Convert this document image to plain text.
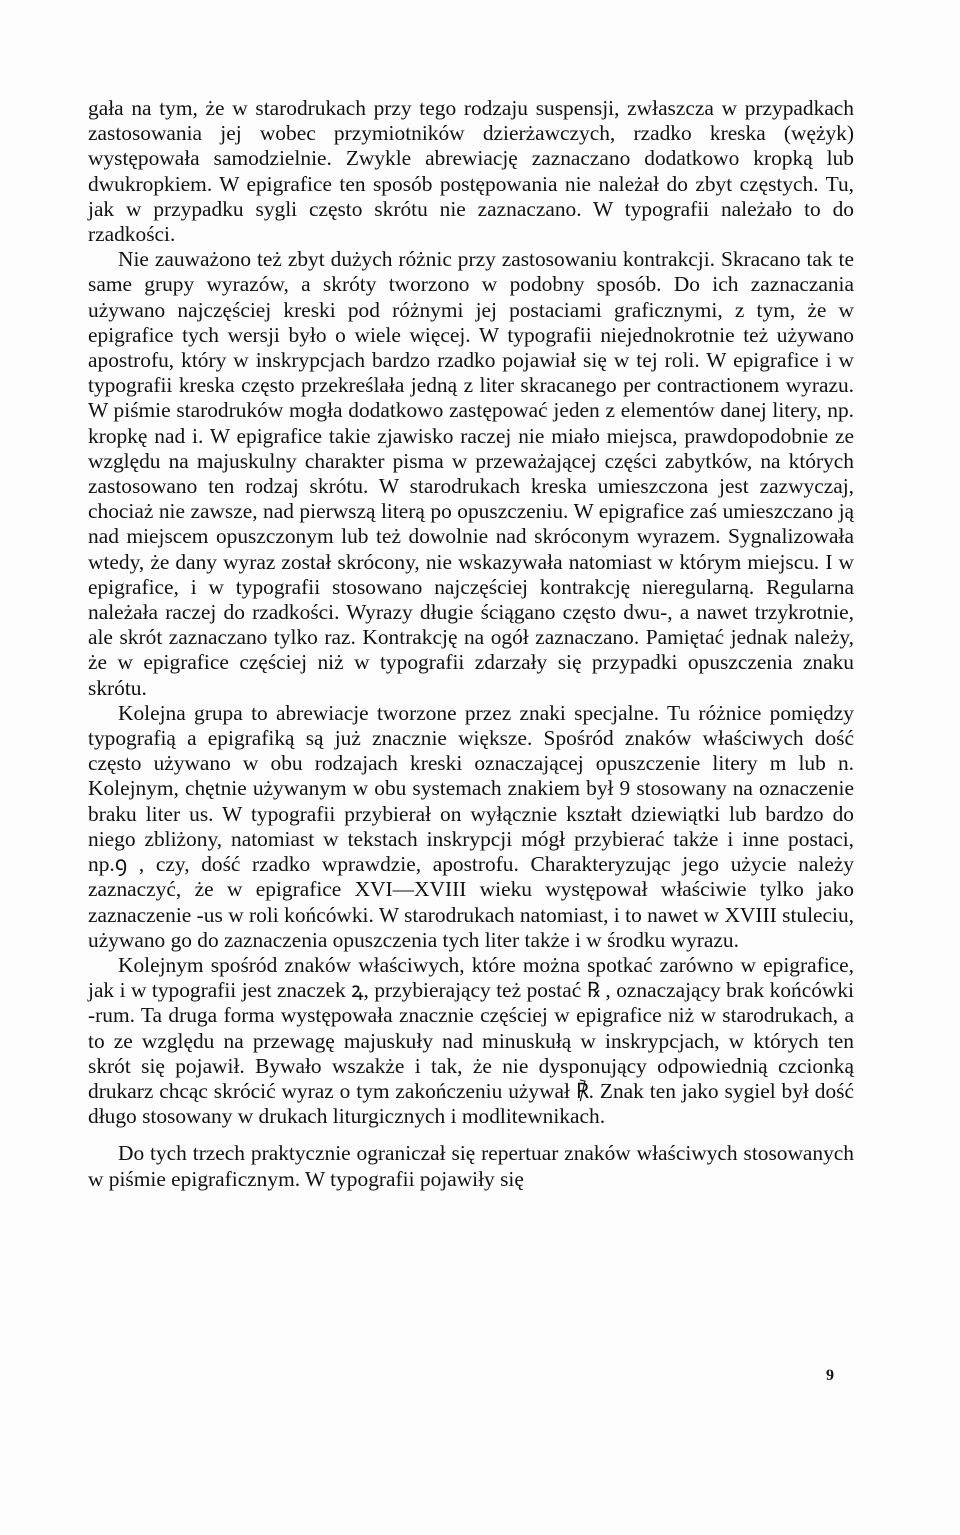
gała na tym, że w starodrukach przy tego rodzaju suspensji, zwłaszcza w przypadkach zastosowania jej wobec przymiotników dzierżawczych, rzadko kreska (wężyk) występowała samodzielnie. Zwykle abrewiację zaznaczano dodatkowo kropką lub dwukropkiem. W epigrafice ten sposób postępowania nie należał do zbyt częstych. Tu, jak w przypadku sygli często skrótu nie zaznaczano. W typografii należało to do rzadkości.

Nie zauważono też zbyt dużych różnic przy zastosowaniu kontrakcji. Skracano tak te same grupy wyrazów, a skróty tworzono w podobny sposób. Do ich zaznaczania używano najczęściej kreski pod różnymi jej postaciami graficznymi, z tym, że w epigrafice tych wersji było o wiele więcej. W typografii niejednokrotnie też używano apostrofu, który w inskrypcjach bardzo rzadko pojawiał się w tej roli. W epigrafice i w typografii kreska często przekreślała jedną z liter skracanego per contractionem wyrazu. W piśmie starodruków mogła dodatkowo zastępować jeden z elementów danej litery, np. kropkę nad i. W epigrafice takie zjawisko raczej nie miało miejsca, prawdopodobnie ze względu na majuskulny charakter pisma w przeważającej części zabytków, na których zastosowano ten rodzaj skrótu. W starodrukach kreska umieszczona jest zazwyczaj, chociaż nie zawsze, nad pierwszą literą po opuszczeniu. W epigrafice zaś umieszczano ją nad miejscem opuszczonym lub też dowolnie nad skróconym wyrazem. Sygnalizowała wtedy, że dany wyraz został skrócony, nie wskazywała natomiast w którym miejscu. I w epigrafice, i w typografii stosowano najczęściej kontrakcję nieregularną. Regularna należała raczej do rzadkości. Wyrazy długie ściągano często dwu-, a nawet trzykrotnie, ale skrót zaznaczano tylko raz. Kontrakcję na ogół zaznaczano. Pamiętać jednak należy, że w epigrafice częściej niż w typografii zdarzały się przypadki opuszczenia znaku skrótu.

Kolejna grupa to abrewiacje tworzone przez znaki specjalne. Tu różnice pomiędzy typografią a epigrafiką są już znacznie większe. Spośród znaków właściwych dość często używano w obu rodzajach kreski oznaczającej opuszczenie litery m lub n. Kolejnym, chętnie używanym w obu systemach znakiem był 9 stosowany na oznaczenie braku liter us. W typografii przybierał on wyłącznie kształt dziewiątki lub bardzo do niego zbliżony, natomiast w tekstach inskrypcji mógł przybierać także i inne postaci, np.ꝯ , czy, dość rzadko wprawdzie, apostrofu. Charakteryzując jego użycie należy zaznaczyć, że w epigrafice XVI—XVIII wieku występował właściwie tylko jako zaznaczenie -us w roli końcówki. W starodrukach natomiast, i to nawet w XVIII stuleciu, używano go do zaznaczenia opuszczenia tych liter także i w środku wyrazu.

Kolejnym spośród znaków właściwych, które można spotkać zarówno w epigrafice, jak i w typografii jest znaczek ꝝ, przybierający też postać ℞ , oznaczający brak końcówki -rum. Ta druga forma występowała znacznie częściej w epigrafice niż w starodrukach, a to ze względu na przewagę majuskuły nad minuskułą w inskrypcjach, w których ten skrót się pojawił. Bywało wszakże i tak, że nie dysponujący odpowiednią czcionką drukarz chcąc skrócić wyraz o tym zakończeniu używał ℟. Znak ten jako sygiel był dość długo stosowany w drukach liturgicznych i modlitewnikach.

Do tych trzech praktycznie ograniczał się repertuar znaków właściwych stosowanych w piśmie epigraficznym. W typografii pojawiły się

9
